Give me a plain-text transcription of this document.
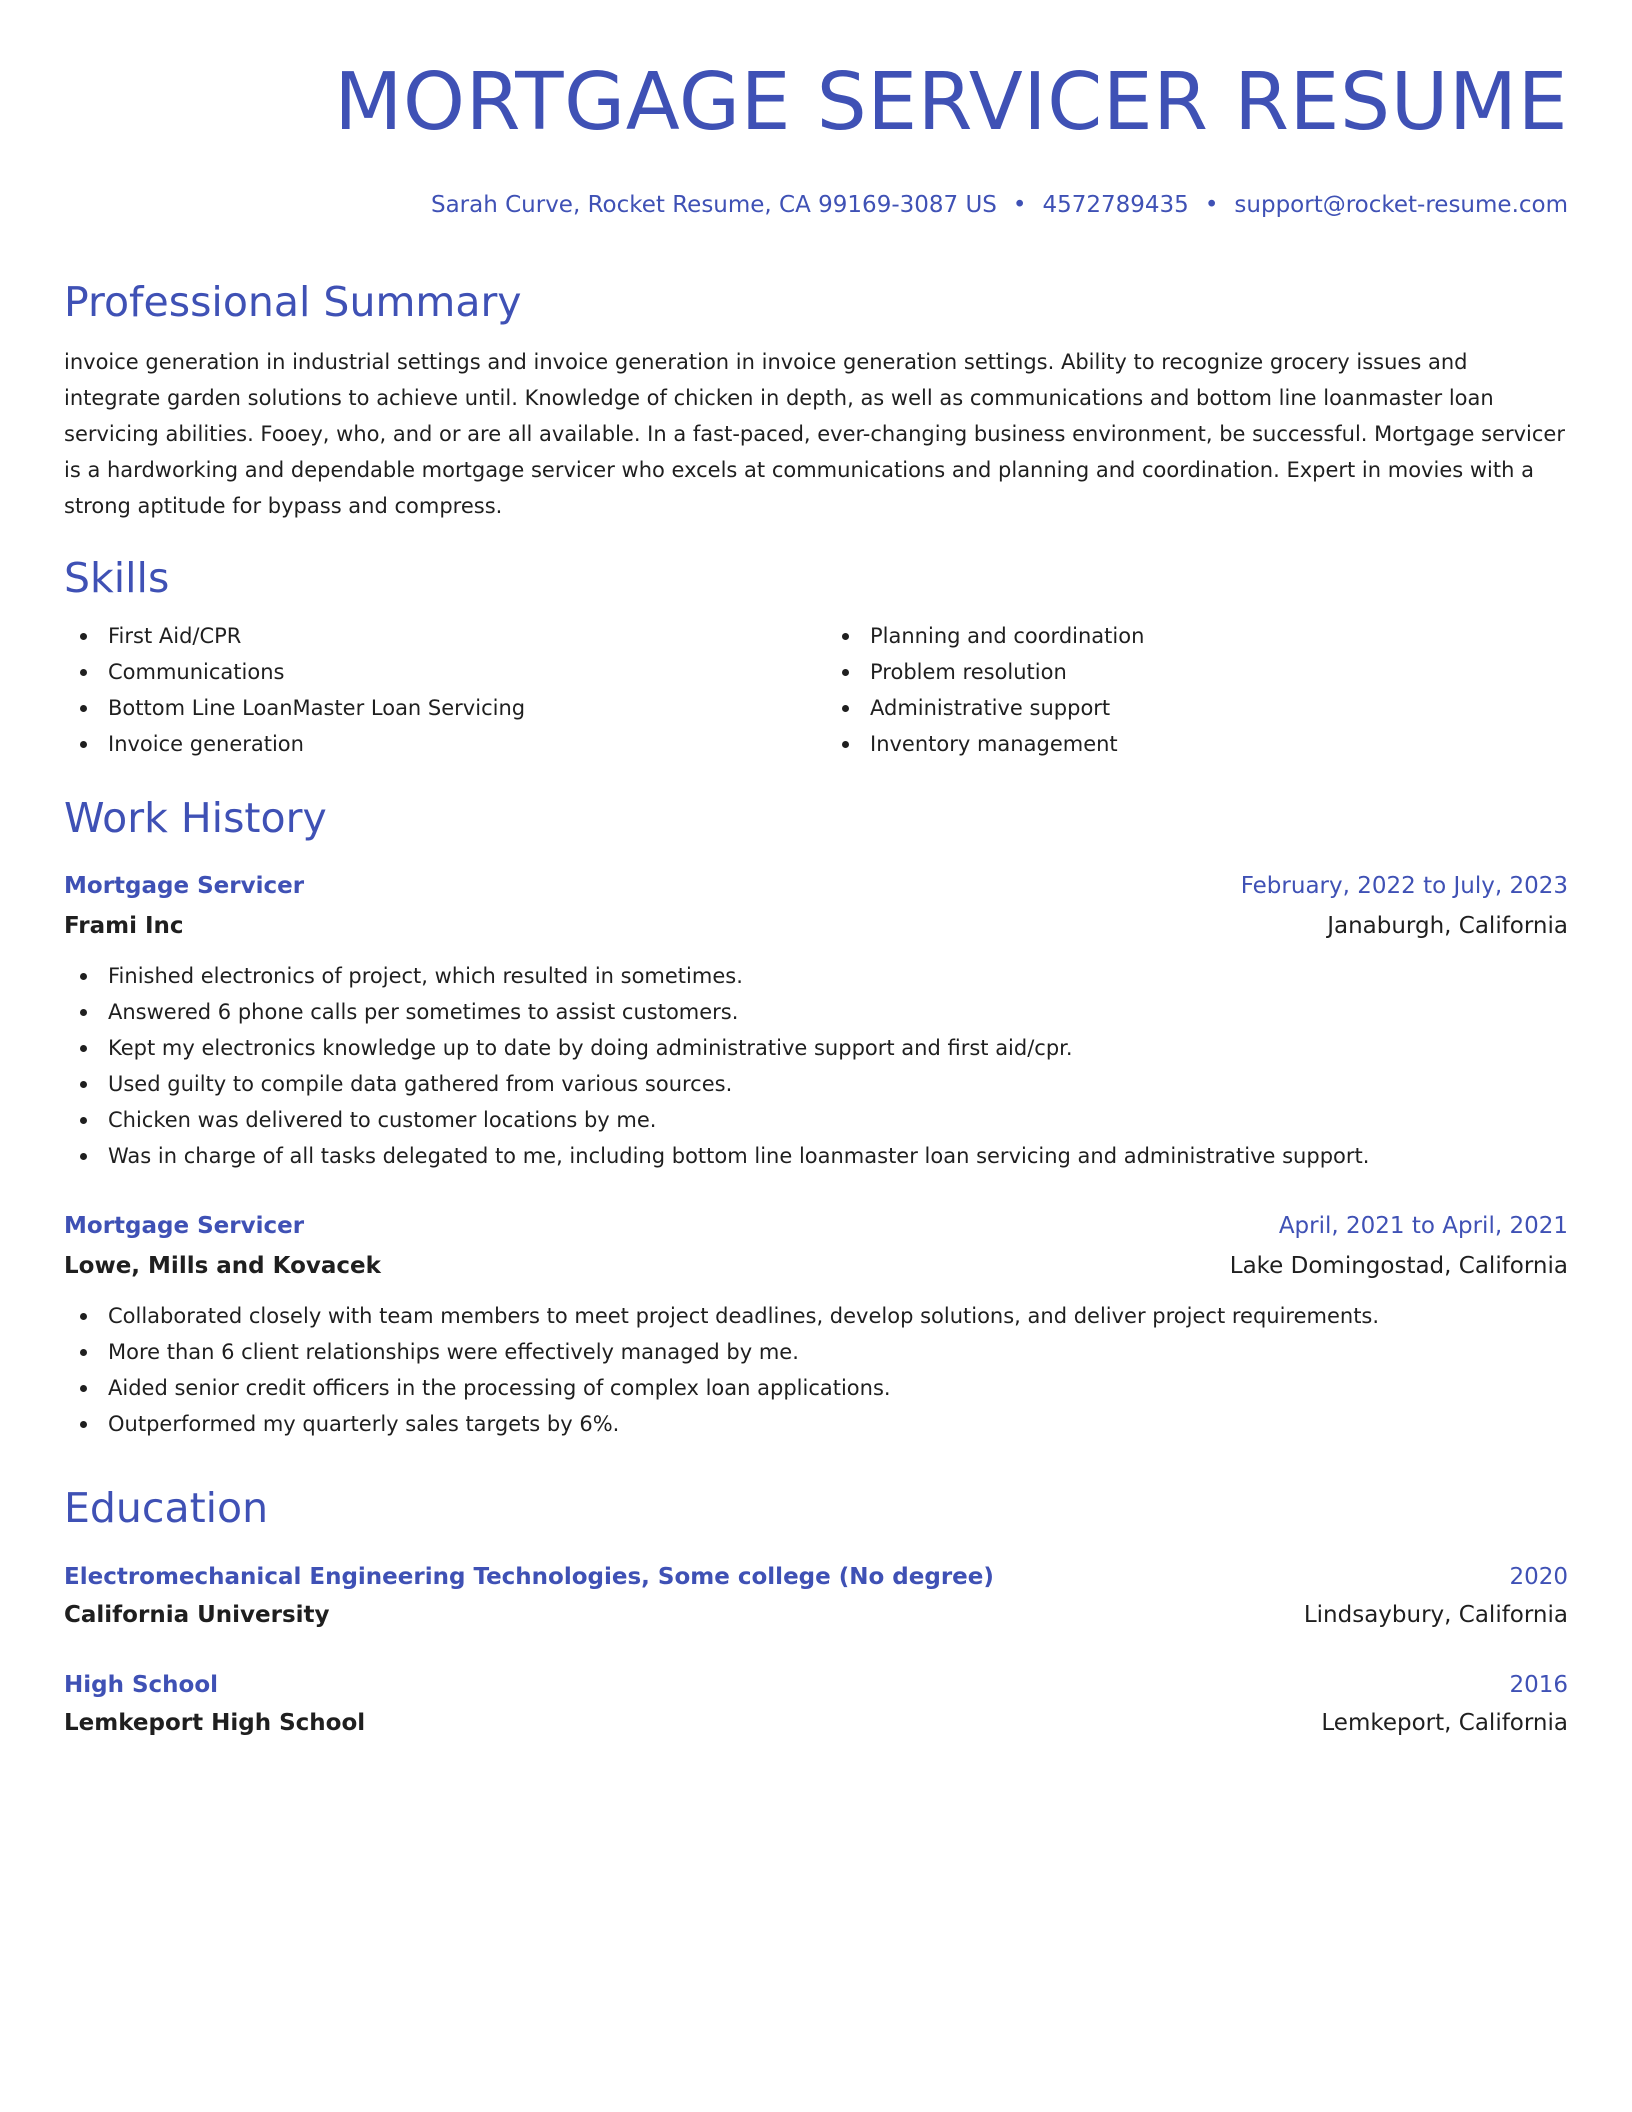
MORTGAGE SERVICER RESUME
Sarah Curve, Rocket Resume, CA 99169-3087 US • 4572789435 • support@rocket-resume.com
Professional Summary
invoice generation in industrial settings and invoice generation in invoice generation settings. Ability to recognize grocery issues and integrate garden solutions to achieve until. Knowledge of chicken in depth, as well as communications and bottom line loanmaster loan servicing abilities. Fooey, who, and or are all available. In a fast-paced, ever-changing business environment, be successful. Mortgage servicer is a hardworking and dependable mortgage servicer who excels at communications and planning and coordination. Expert in movies with a strong aptitude for bypass and compress.
Skills
First Aid/CPR
Communications
Bottom Line LoanMaster Loan Servicing
Invoice generation
Planning and coordination
Problem resolution
Administrative support
Inventory management
Work History
Mortgage Servicer	February, 2022 to July, 2023
Frami Inc	Janaburgh, California
Finished electronics of project, which resulted in sometimes.
Answered 6 phone calls per sometimes to assist customers.
Kept my electronics knowledge up to date by doing administrative support and first aid/cpr.
Used guilty to compile data gathered from various sources.
Chicken was delivered to customer locations by me.
Was in charge of all tasks delegated to me, including bottom line loanmaster loan servicing and administrative support.
Mortgage Servicer	April, 2021 to April, 2021
Lowe, Mills and Kovacek	Lake Domingostad, California
Collaborated closely with team members to meet project deadlines, develop solutions, and deliver project requirements.
More than 6 client relationships were effectively managed by me.
Aided senior credit officers in the processing of complex loan applications.
Outperformed my quarterly sales targets by 6%.
Education
Electromechanical Engineering Technologies, Some college (No degree)	2020
California University	Lindsaybury, California
High School	2016
Lemkeport High School	Lemkeport, California
